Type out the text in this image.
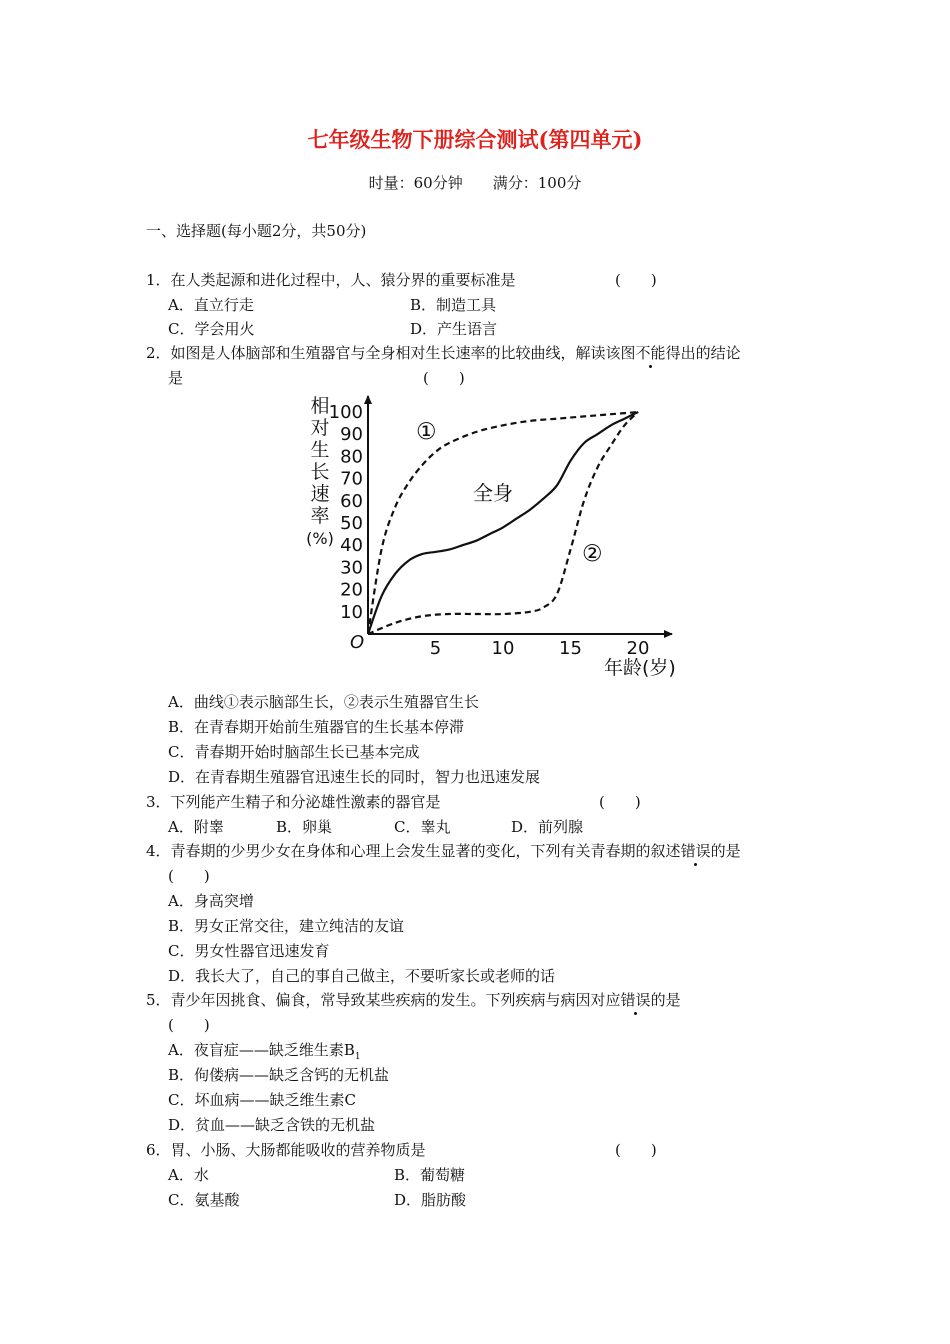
七年级生物下册综合测试(第四单元)
时量：60分钟　　满分：100分
一、选择题(每小题2分，共50分)
1．在人类起源和进化过程中，人、猿分界的重要标准是	(　　)
A．直立行走	B．制造工具
C．学会用火	D．产生语言
2．如图是人体脑部和生殖器官与全身相对生长速率的比较曲线，解读该图不能得出的结论
是	(　　)
相
对
生
长
速
率
(%)
10
20
30
40
50
60
70
80
90
100
5	10 15 20
O
年龄(岁)
①
全身
②
A．曲线①表示脑部生长，②表示生殖器官生长
B．在青春期开始前生殖器官的生长基本停滞
C．青春期开始时脑部生长已基本完成
D．在青春期生殖器官迅速生长的同时，智力也迅速发展
3．下列能产生精子和分泌雄性激素的器官是	(　　)
A．附睾	B．卵巢	C．睾丸	D．前列腺
4．青春期的少男少女在身体和心理上会发生显著的变化，下列有关青春期的叙述错误的是
(　　)
A．身高突增
B．男女正常交往，建立纯洁的友谊
C．男女性器官迅速发育
D．我长大了，自己的事自己做主，不要听家长或老师的话
5．青少年因挑食、偏食，常导致某些疾病的发生。下列疾病与病因对应错误的是
(　　)
A．夜盲症——缺乏维生素$B_1$
B．佝偻病——缺乏含钙的无机盐
C．坏血病——缺乏维生素C
D．贫血——缺乏含铁的无机盐
6．胃、小肠、大肠都能吸收的营养物质是	(　　)
A．水	B．葡萄糖
C．氨基酸	D．脂肪酸
